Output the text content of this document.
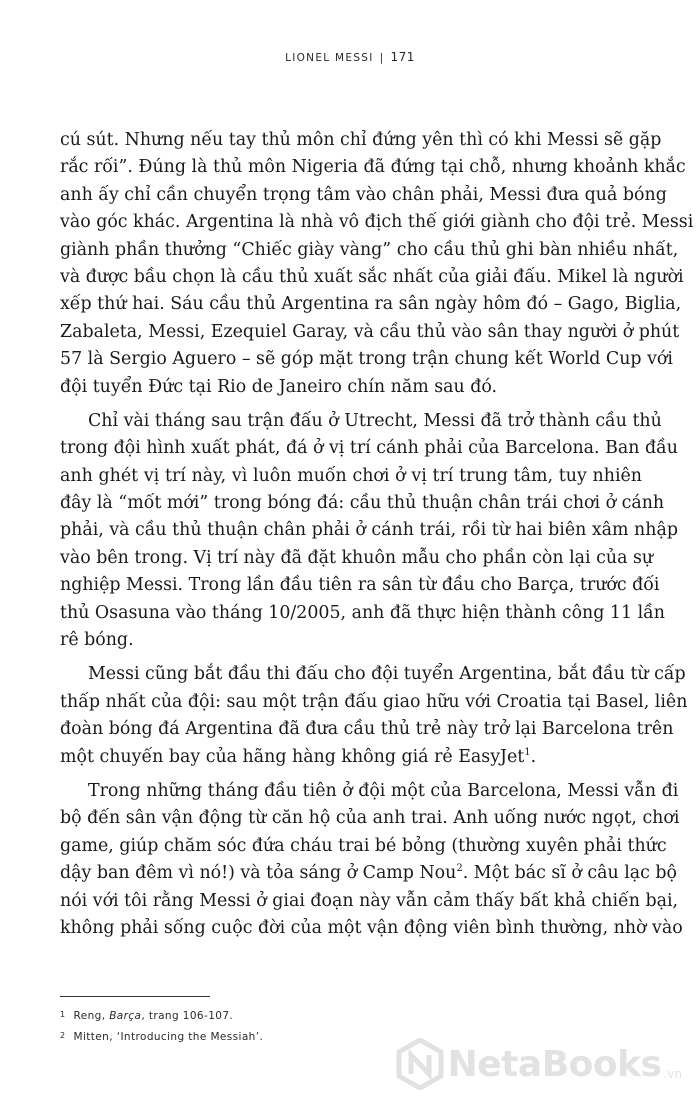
LIONEL MESSI | 171
cú sút. Nhưng nếu tay thủ môn chỉ đứng yên thì có khi Messi sẽ gặp
rắc rối”. Đúng là thủ môn Nigeria đã đứng tại chỗ, nhưng khoảnh khắc
anh ấy chỉ cần chuyển trọng tâm vào chân phải, Messi đưa quả bóng
vào góc khác. Argentina là nhà vô địch thế giới giành cho đội trẻ. Messi
giành phần thưởng “Chiếc giày vàng” cho cầu thủ ghi bàn nhiều nhất,
và được bầu chọn là cầu thủ xuất sắc nhất của giải đấu. Mikel là người
xếp thứ hai. Sáu cầu thủ Argentina ra sân ngày hôm đó – Gago, Biglia,
Zabaleta, Messi, Ezequiel Garay, và cầu thủ vào sân thay người ở phút
57 là Sergio Aguero – sẽ góp mặt trong trận chung kết World Cup với
đội tuyển Đức tại Rio de Janeiro chín năm sau đó.
Chỉ vài tháng sau trận đấu ở Utrecht, Messi đã trở thành cầu thủ
trong đội hình xuất phát, đá ở vị trí cánh phải của Barcelona. Ban đầu
anh ghét vị trí này, vì luôn muốn chơi ở vị trí trung tâm, tuy nhiên
đây là “mốt mới” trong bóng đá: cầu thủ thuận chân trái chơi ở cánh
phải, và cầu thủ thuận chân phải ở cánh trái, rồi từ hai biên xâm nhập
vào bên trong. Vị trí này đã đặt khuôn mẫu cho phần còn lại của sự
nghiệp Messi. Trong lần đầu tiên ra sân từ đầu cho Barça, trước đối
thủ Osasuna vào tháng 10/2005, anh đã thực hiện thành công 11 lần
rê bóng.
Messi cũng bắt đầu thi đấu cho đội tuyển Argentina, bắt đầu từ cấp
thấp nhất của đội: sau một trận đấu giao hữu với Croatia tại Basel, liên
đoàn bóng đá Argentina đã đưa cầu thủ trẻ này trở lại Barcelona trên
một chuyến bay của hãng hàng không giá rẻ EasyJet$^1$.
Trong những tháng đầu tiên ở đội một của Barcelona, Messi vẫn đi
bộ đến sân vận động từ căn hộ của anh trai. Anh uống nước ngọt, chơi
game, giúp chăm sóc đứa cháu trai bé bỏng (thường xuyên phải thức
dậy ban đêm vì nó!) và tỏa sáng ở Camp Nou$^2$. Một bác sĩ ở câu lạc bộ
nói với tôi rằng Messi ở giai đoạn này vẫn cảm thấy bất khả chiến bại,
không phải sống cuộc đời của một vận động viên bình thường, nhờ vào
1 Reng, Barça, trang 106-107.
2 Mitten, ‘Introducing the Messiah’.
NetaBooks .vn
